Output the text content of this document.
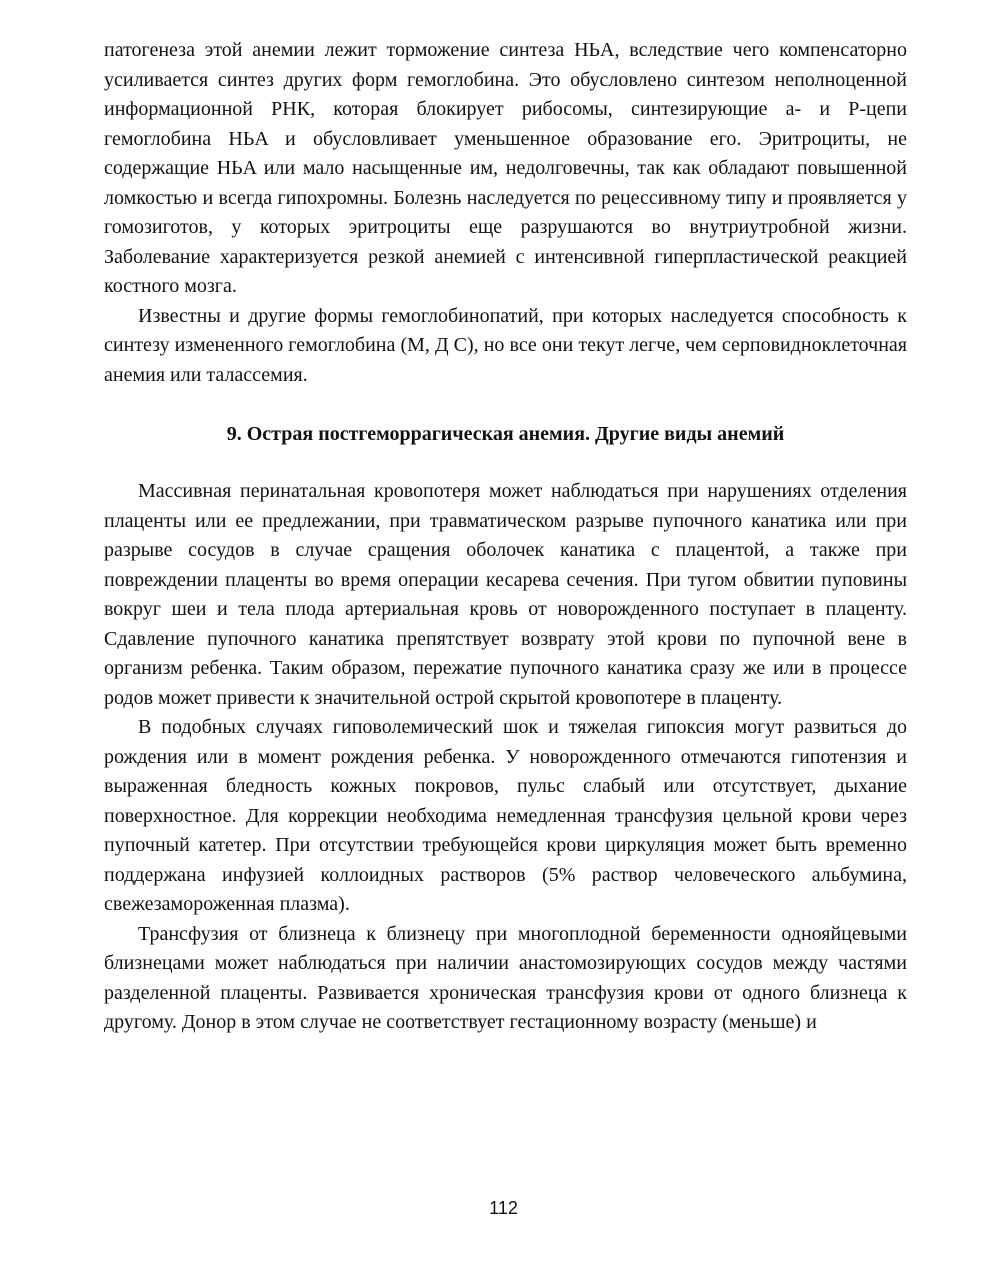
патогенеза этой анемии лежит торможение синтеза HЬA, вследствие чего компенсаторно усиливается синтез других форм гемоглобина. Это обусловлено синтезом неполноценной информационной РНК, которая блокирует рибосомы, синтезирующие a- и Р-цепи гемоглобина HЬA и обусловливает уменьшенное образование его. Эритроциты, не содержащие HЬA или мало насыщенные им, недолговечны, так как обладают повышенной ломкостью и всегда гипохромны. Болезнь наследуется по рецессивному типу и проявляется у гомозиготов, у которых эритроциты еще разрушаются во внутриутробной жизни. Заболевание характеризуется резкой анемией с интенсивной гиперпластической реакцией костного мозга.

Известны и другие формы гемоглобинопатий, при которых наследуется способность к синтезу измененного гемоглобина (M, Д С), но все они текут легче, чем серповидноклеточная анемия или талассемия.

9. Острая постгеморрагическая анемия. Другие виды анемий

Массивная перинатальная кровопотеря может наблюдаться при нарушениях отделения плаценты или ее предлежании, при травматическом разрыве пупочного канатика или при разрыве сосудов в случае сращения оболочек канатика с плацентой, а также при повреждении плаценты во время операции кесарева сечения. При тугом обвитии пуповины вокруг шеи и тела плода артериальная кровь от новорожденного поступает в плаценту. Сдавление пупочного канатика препятствует возврату этой крови по пупочной вене в организм ребенка. Таким образом, пережатие пупочного канатика сразу же или в процессе родов может привести к значительной острой скрытой кровопотере в плаценту.

В подобных случаях гиповолемический шок и тяжелая гипоксия могут развиться до рождения или в момент рождения ребенка. У новорожденного отмечаются гипотензия и выраженная бледность кожных покровов, пульс слабый или отсутствует, дыхание поверхностное. Для коррекции необходима немедленная трансфузия цельной крови через пупочный катетер. При отсутствии требующейся крови циркуляция может быть временно поддержана инфузией коллоидных растворов (5% раствор человеческого альбумина, свежезамороженная плазма).

Трансфузия от близнеца к близнецу при многоплодной беременности однояйцевыми близнецами может наблюдаться при наличии анастомозирующих сосудов между частями разделенной плаценты. Развивается хроническая трансфузия крови от одного близнеца к другому. Донор в этом случае не соответствует гестационному возрасту (меньше) и

112
